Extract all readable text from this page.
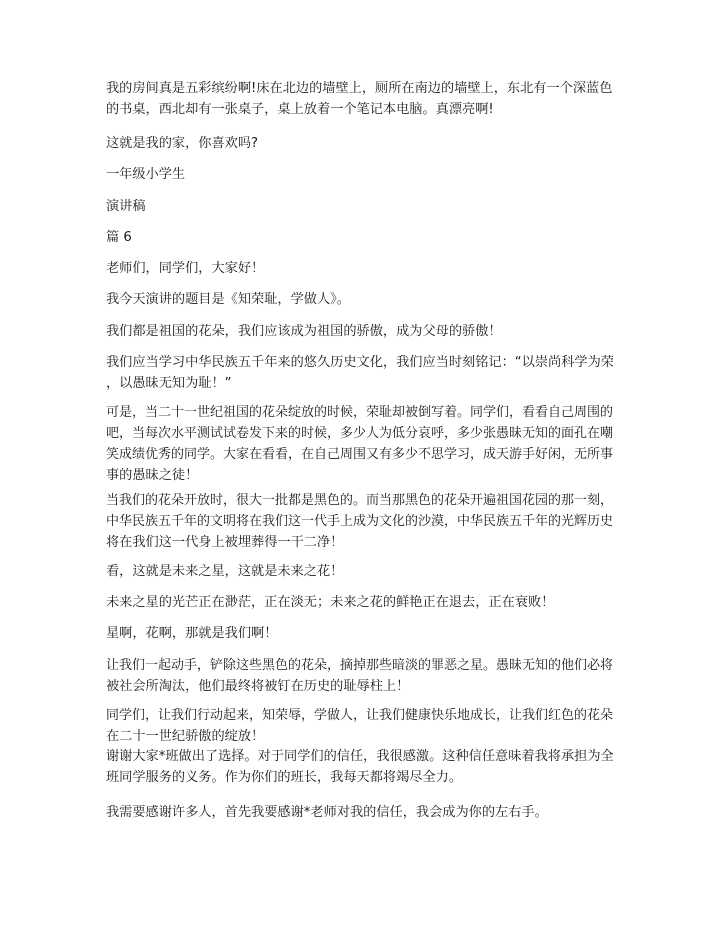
我的房间真是五彩缤纷啊!床在北边的墙壁上，厕所在南边的墙壁上，东北有一个深蓝色
的书桌，西北却有一张桌子，桌上放着一个笔记本电脑。真漂亮啊!

这就是我的家，你喜欢吗?

一年级小学生

演讲稿

篇 6

老师们，同学们，大家好！

我今天演讲的题目是《知荣耻，学做人》。

我们都是祖国的花朵，我们应该成为祖国的骄傲，成为父母的骄傲！

我们应当学习中华民族五千年来的悠久历史文化，我们应当时刻铭记：“以崇尚科学为荣
，以愚昧无知为耻！”

可是，当二十一世纪祖国的花朵绽放的时候，荣耻却被倒写着。同学们，看看自己周围的
吧，当每次水平测试试卷发下来的时候，多少人为低分哀呼，多少张愚昧无知的面孔在嘲
笑成绩优秀的同学。大家在看看，在自己周围又有多少不思学习，成天游手好闲，无所事
事的愚昧之徒！

当我们的花朵开放时，很大一批都是黑色的。而当那黑色的花朵开遍祖国花园的那一刻，
中华民族五千年的文明将在我们这一代手上成为文化的沙漠，中华民族五千年的光辉历史
将在我们这一代身上被埋葬得一干二净！

看，这就是未来之星，这就是未来之花！

未来之星的光芒正在渺茫，正在淡无；未来之花的鲜艳正在退去，正在衰败！

星啊，花啊，那就是我们啊！

让我们一起动手，铲除这些黑色的花朵，摘掉那些暗淡的罪恶之星。愚昧无知的他们必将
被社会所淘汰，他们最终将被钉在历史的耻辱柱上！

同学们，让我们行动起来，知荣辱，学做人，让我们健康快乐地成长，让我们红色的花朵
在二十一世纪骄傲的绽放！

谢谢大家*班做出了选择。对于同学们的信任，我很感激。这种信任意味着我将承担为全
班同学服务的义务。作为你们的班长，我每天都将竭尽全力。

我需要感谢许多人，首先我要感谢*老师对我的信任，我会成为你的左右手。
